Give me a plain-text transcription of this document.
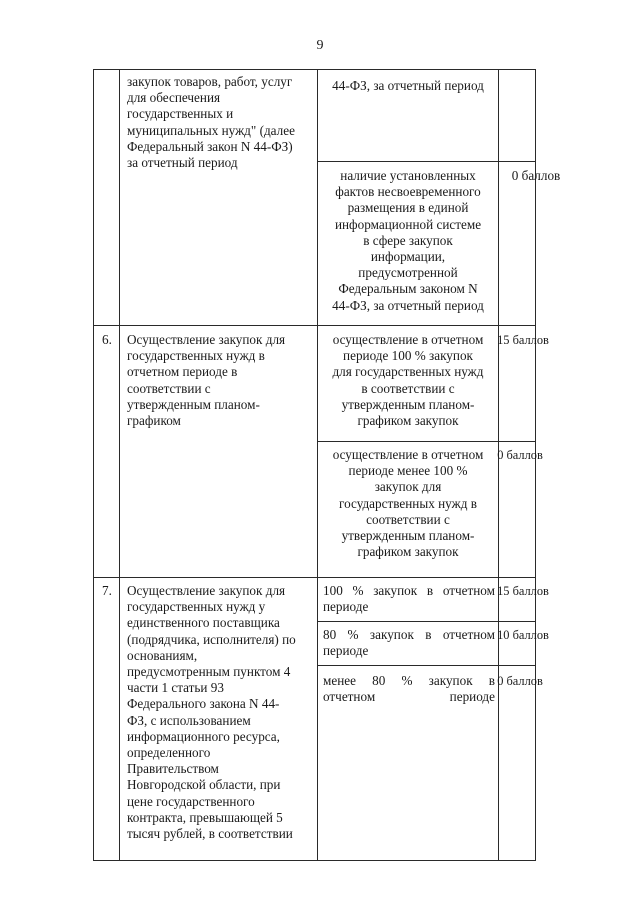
9
закупок товаров, работ, услуг
для обеспечения
государственных и
муниципальных нужд" (далее
Федеральный закон N 44-ФЗ)
за отчетный период
44-ФЗ, за отчетный период
наличие установленных
фактов несвоевременного
размещения в единой
информационной системе
в сфере закупок
информации,
предусмотренной
Федеральным законом N
44-ФЗ, за отчетный период
0 баллов
6.	Осуществление закупок для
государственных нужд в
отчетном периоде в
соответствии с
утвержденным планом-
графиком
осуществление в отчетном
периоде 100 % закупок
для государственных нужд
в соответствии с
утвержденным планом-
графиком закупок
15 баллов
осуществление в отчетном
периоде менее 100 %
закупок для
государственных нужд в
соответствии с
утвержденным планом-
графиком закупок
0 баллов
7.	Осуществление закупок для
государственных нужд у
единственного поставщика
(подрядчика, исполнителя) по
основаниям,
предусмотренным пунктом 4
части 1 статьи 93
Федерального закона N 44-
ФЗ, с использованием
информационного ресурса,
определенного
Правительством
Новгородской области, при
цене государственного
контракта, превышающей 5
тысяч рублей, в соответствии
100 % закупок в отчетном
периоде
15 баллов
80 % закупок в отчетном
периоде
10 баллов
менее 80 % закупок в
отчетном периоде
0 баллов
